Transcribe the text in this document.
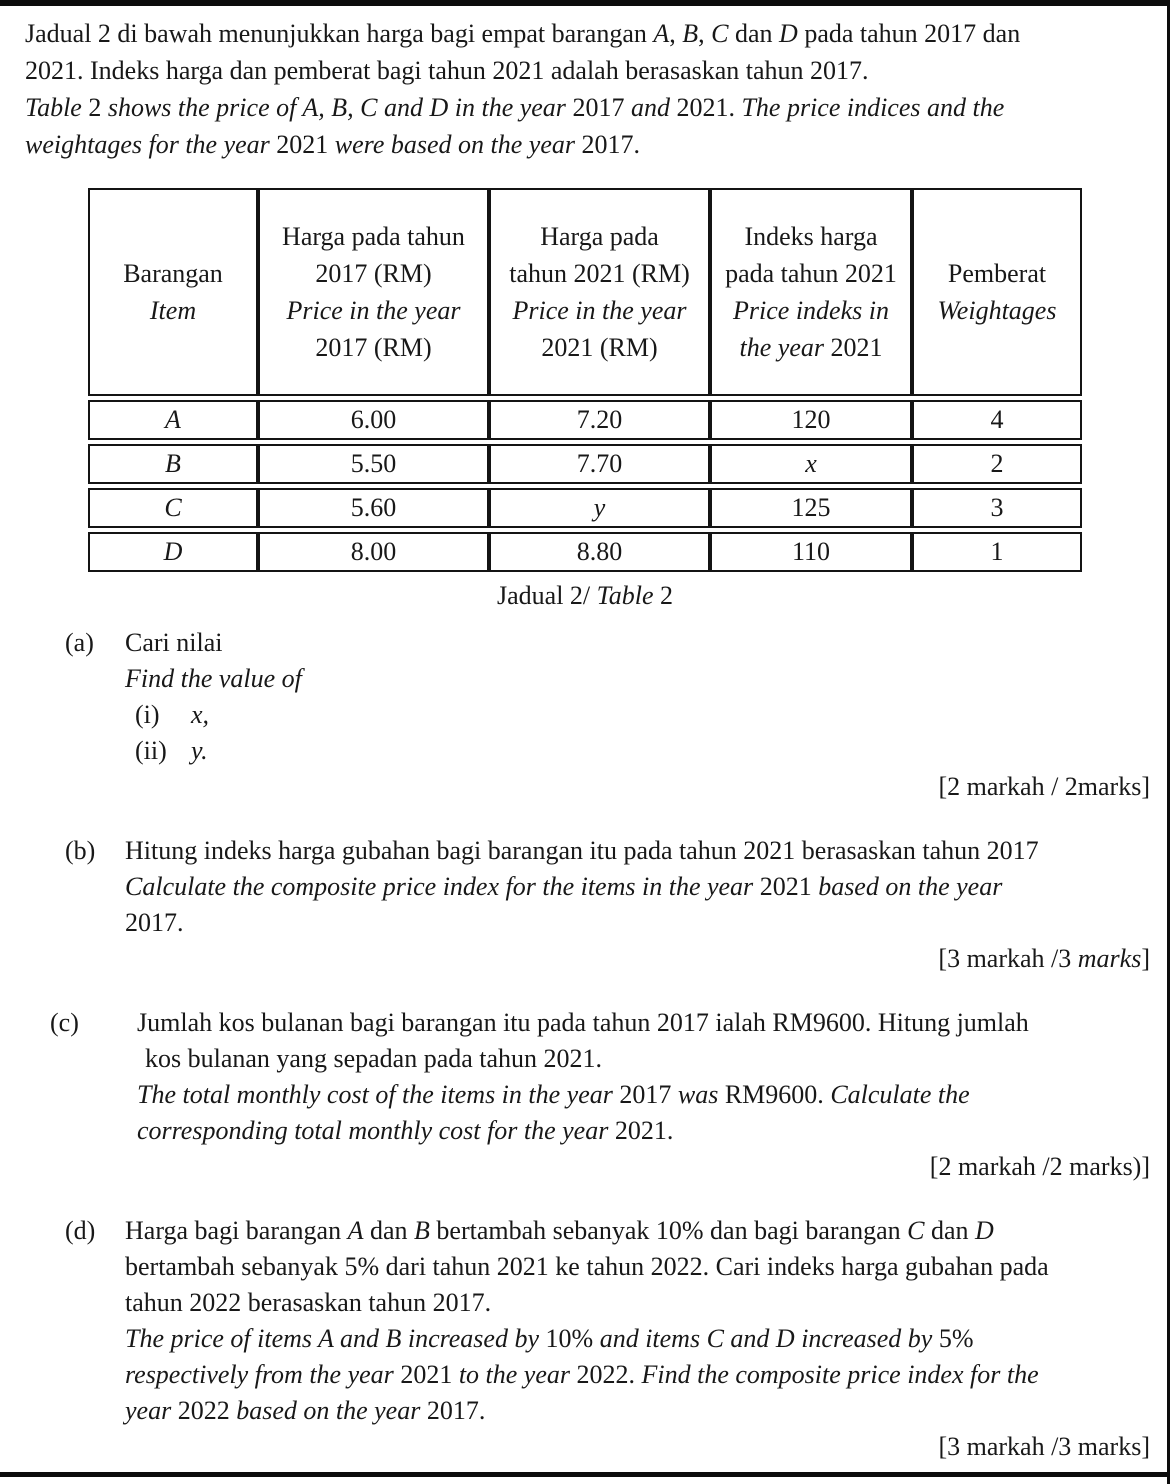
Jadual 2 di bawah menunjukkan harga bagi empat barangan A, B, C dan D pada tahun 2017 dan
2021. Indeks harga dan pemberat bagi tahun 2021 adalah berasaskan tahun 2017.
Table 2 shows the price of A, B, C and D in the year 2017 and 2021. The price indices and the
weightages for the year 2021 were based on the year 2017.
Barangan
Item	Harga pada tahun
2017 (RM)
Price in the year
2017 (RM)	Harga pada
tahun 2021 (RM)
Price in the year
2021 (RM)	Indeks harga
pada tahun 2021
Price indeks in
the year 2021	Pemberat
Weightages
A	6.00	7.20	120	4
B	5.50	7.70	x	2
C	5.60	y	125	3
D	8.00	8.80	110	1
Jadual 2/ Table 2
(a)	Cari nilai
Find the value of
(i)	x,
(ii) y.
[2 markah / 2marks]
(b)	Hitung indeks harga gubahan bagi barangan itu pada tahun 2021 berasaskan tahun 2017
Calculate the composite price index for the items in the year 2021 based on the year
2017.
[3 markah /3 marks]
(c)	Jumlah kos bulanan bagi barangan itu pada tahun 2017 ialah RM9600. Hitung jumlah
kos bulanan yang sepadan pada tahun 2021.
The total monthly cost of the items in the year 2017 was RM9600. Calculate the
corresponding total monthly cost for the year 2021.
[2 markah /2 marks)]
(d)	Harga bagi barangan A dan B bertambah sebanyak 10% dan bagi barangan C dan D
bertambah sebanyak 5% dari tahun 2021 ke tahun 2022. Cari indeks harga gubahan pada
tahun 2022 berasaskan tahun 2017.
The price of items A and B increased by 10% and items C and D increased by 5%
respectively from the year 2021 to the year 2022. Find the composite price index for the
year 2022 based on the year 2017.
[3 markah /3 marks]
